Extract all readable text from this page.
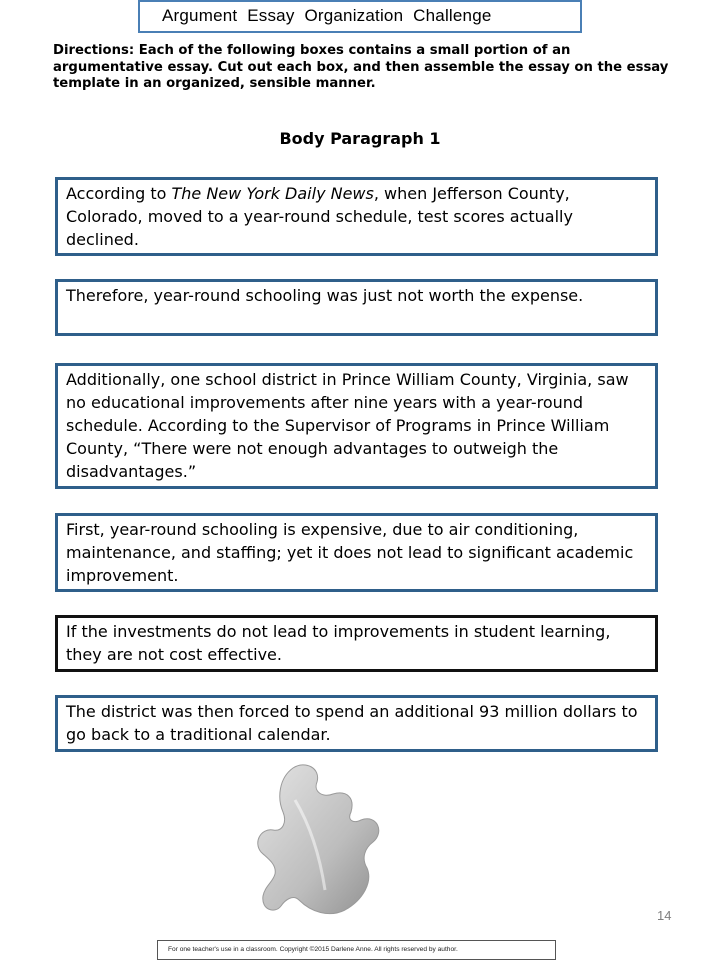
Argument Essay Organization Challenge
Directions: Each of the following boxes contains a small portion of an argumentative essay. Cut out each box, and then assemble the essay on the essay template in an organized, sensible manner.
Body Paragraph 1
According to The New York Daily News, when Jefferson County, Colorado, moved to a year-round schedule, test scores actually declined.
Therefore, year-round schooling was just not worth the expense.
Additionally, one school district in Prince William County, Virginia, saw no educational improvements after nine years with a year-round schedule. According to the Supervisor of Programs in Prince William County, “There were not enough advantages to outweigh the disadvantages.”
First, year-round schooling is expensive, due to air conditioning, maintenance, and staffing; yet it does not lead to significant academic improvement.
If the investments do not lead to improvements in student learning, they are not cost effective.
The district was then forced to spend an additional 93 million dollars to go back to a traditional calendar.
14
For one teacher's use in a classroom. Copyright ©2015 Darlene Anne. All rights reserved by author.
